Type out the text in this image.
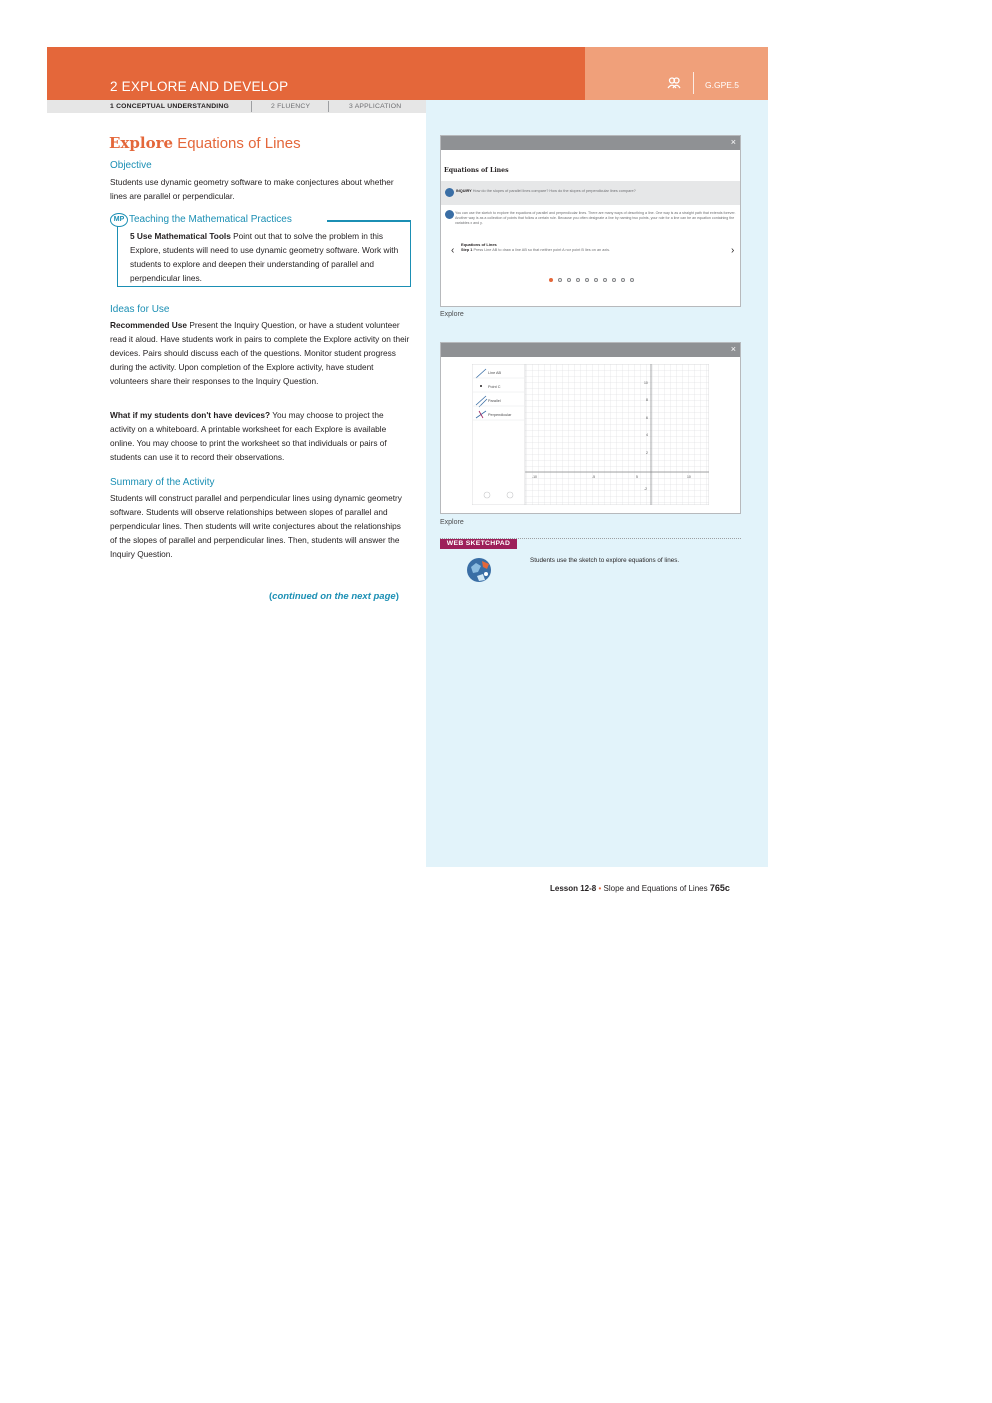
2 EXPLORE AND DEVELOP	G.GPE.5
1 CONCEPTUAL UNDERSTANDING	2 FLUENCY	3 APPLICATION
Explore Equations of Lines
Objective
Students use dynamic geometry software to make conjectures about whether lines are parallel or perpendicular.
MP Teaching the Mathematical Practices
5 Use Mathematical Tools Point out that to solve the problem in this Explore, students will need to use dynamic geometry software. Work with students to explore and deepen their understanding of parallel and perpendicular lines.
Ideas for Use
Recommended Use Present the Inquiry Question, or have a student volunteer read it aloud. Have students work in pairs to complete the Explore activity on their devices. Pairs should discuss each of the questions. Monitor student progress during the activity. Upon completion of the Explore activity, have student volunteers share their responses to the Inquiry Question.
What if my students don't have devices? You may choose to project the activity on a whiteboard. A printable worksheet for each Explore is available online. You may choose to print the worksheet so that individuals or pairs of students can use it to record their observations.
Summary of the Activity
Students will construct parallel and perpendicular lines using dynamic geometry software. Students will observe relationships between slopes of parallel and perpendicular lines. Then students will write conjectures about the relationships of the slopes of parallel and perpendicular lines. Then, students will answer the Inquiry Question.
(continued on the next page)
×
Equations of Lines
INQUIRY How do the slopes of parallel lines compare? How do the slopes of perpendicular lines compare?
You can use the sketch to explore the equations of parallel and perpendicular lines. There are many ways of describing a line. One way is as a straight path that extends forever. Another way is as a collection of points that follow a certain rule. Because you often designate a line by naming two points, your rule for a line can be an equation containing the variables x and y.
‹	›
Equations of Lines
Step 1 Press Line AB to draw a line AB so that neither point A nor point B lies on an axis.
Explore
×
Line AB
Point C
Parallel
Perpendicular
10
8
6
4
2
-2
-10	-5	5	10
Explore
WEB SKETCHPAD
Students use the sketch to explore equations of lines.
Lesson 12-8 • Slope and Equations of Lines 765c
